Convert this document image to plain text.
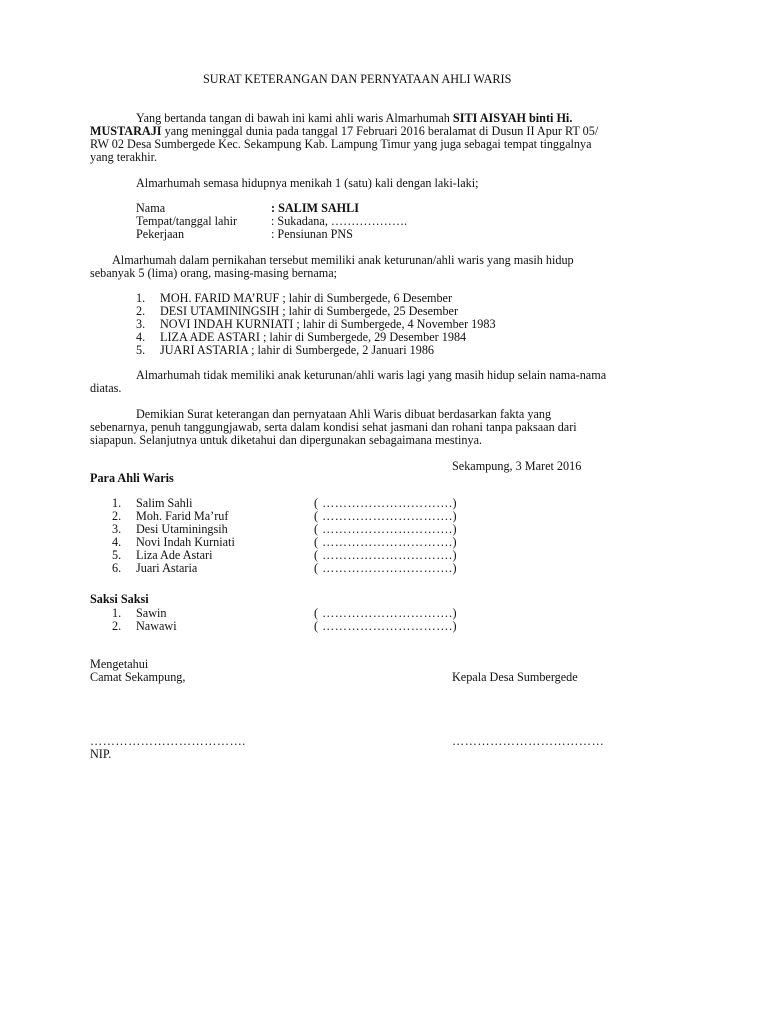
SURAT KETERANGAN DAN PERNYATAAN AHLI WARIS
Yang bertanda tangan di bawah ini kami ahli waris Almarhumah SITI AISYAH binti Hi.
MUSTARAJI yang meninggal dunia pada tanggal 17 Februari 2016 beralamat di Dusun II Apur RT 05/
RW 02 Desa Sumbergede Kec. Sekampung Kab. Lampung Timur yang juga sebagai tempat tinggalnya
yang terakhir.
Almarhumah semasa hidupnya menikah 1 (satu) kali dengan laki-laki;
Nama	: SALIM SAHLI
Tempat/tanggal lahir	: Sukadana, ……………….
Pekerjaan	: Pensiunan PNS
Almarhumah dalam pernikahan tersebut memiliki anak keturunan/ahli waris yang masih hidup
sebanyak 5 (lima) orang, masing-masing bernama;
1. MOH. FARID MA’RUF ; lahir di Sumbergede, 6 Desember
2. DESI UTAMININGSIH ; lahir di Sumbergede, 25 Desember
3. NOVI INDAH KURNIATI ; lahir di Sumbergede, 4 November 1983
4. LIZA ADE ASTARI ; lahir di Sumbergede, 29 Desember 1984
5. JUARI ASTARIA ; lahir di Sumbergede, 2 Januari 1986
Almarhumah tidak memiliki anak keturunan/ahli waris lagi yang masih hidup selain nama-nama
diatas.
Demikian Surat keterangan dan pernyataan Ahli Waris dibuat berdasarkan fakta yang
sebenarnya, penuh tanggungjawab, serta dalam kondisi sehat jasmani dan rohani tanpa paksaan dari
siapapun. Selanjutnya untuk diketahui dan dipergunakan sebagaimana mestinya.
Sekampung, 3 Maret 2016
Para Ahli Waris
1. Salim Sahli	( ………………………….)
2. Moh. Farid Ma’ruf	( ………………………….)
3. Desi Utaminingsih	( ………………………….)
4. Novi Indah Kurniati	( ………………………….)
5. Liza Ade Astari	( ………………………….)
6. Juari Astaria	( ………………………….)
Saksi Saksi
1. Sawin	( ………………………….)
2. Nawawi	( ………………………….)
Mengetahui
Camat Sekampung,	Kepala Desa Sumbergede
……………………………….	………………………………
NIP.
